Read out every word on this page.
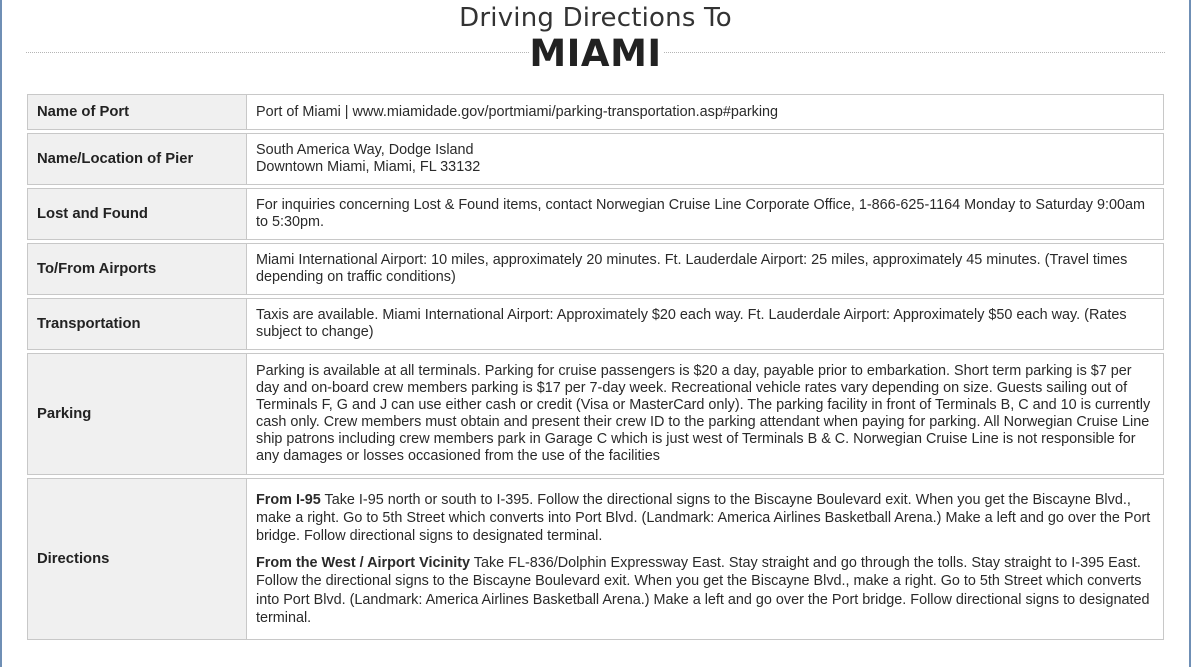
Driving Directions To
MIAMI
Name of Port	Port of Miami | www.miamidade.gov/portmiami/parking-transportation.asp#parking
Name/Location of Pier	South America Way, Dodge Island
Downtown Miami, Miami, FL 33132

Lost and Found	For inquiries concerning Lost & Found items, contact Norwegian Cruise Line Corporate Office, 1-866-625-1164 Monday to Saturday 9:00am to 5:30pm.
To/From Airports	Miami International Airport: 10 miles, approximately 20 minutes. Ft. Lauderdale Airport: 25 miles, approximately 45 minutes. (Travel times depending on traffic conditions)
Transportation	Taxis are available. Miami International Airport: Approximately $20 each way. Ft. Lauderdale Airport: Approximately $50 each way. (Rates subject to change)
Parking	Parking is available at all terminals. Parking for cruise passengers is $20 a day, payable prior to embarkation. Short term parking is $7 per day and on-board crew members parking is $17 per 7-day week. Recreational vehicle rates vary depending on size. Guests sailing out of Terminals F, G and J can use either cash or credit (Visa or MasterCard only). The parking facility in front of Terminals B, C and 10 is currently cash only. Crew members must obtain and present their crew ID to the parking attendant when paying for parking. All Norwegian Cruise Line ship patrons including crew members park in Garage C which is just west of Terminals B & C. Norwegian Cruise Line is not responsible for any damages or losses occasioned from the use of the facilities
Directions	From I-95 Take I-95 north or south to I-395. Follow the directional signs to the Biscayne Boulevard exit. When you get the Biscayne Blvd., make a right. Go to 5th Street which converts into Port Blvd. (Landmark: America Airlines Basketball Arena.) Make a left and go over the Port bridge. Follow directional signs to designated terminal.
From the West / Airport Vicinity Take FL-836/Dolphin Expressway East. Stay straight and go through the tolls. Stay straight to I-395 East. Follow the directional signs to the Biscayne Boulevard exit. When you get the Biscayne Blvd., make a right. Go to 5th Street which converts into Port Blvd. (Landmark: America Airlines Basketball Arena.) Make a left and go over the Port bridge. Follow directional signs to designated terminal.
